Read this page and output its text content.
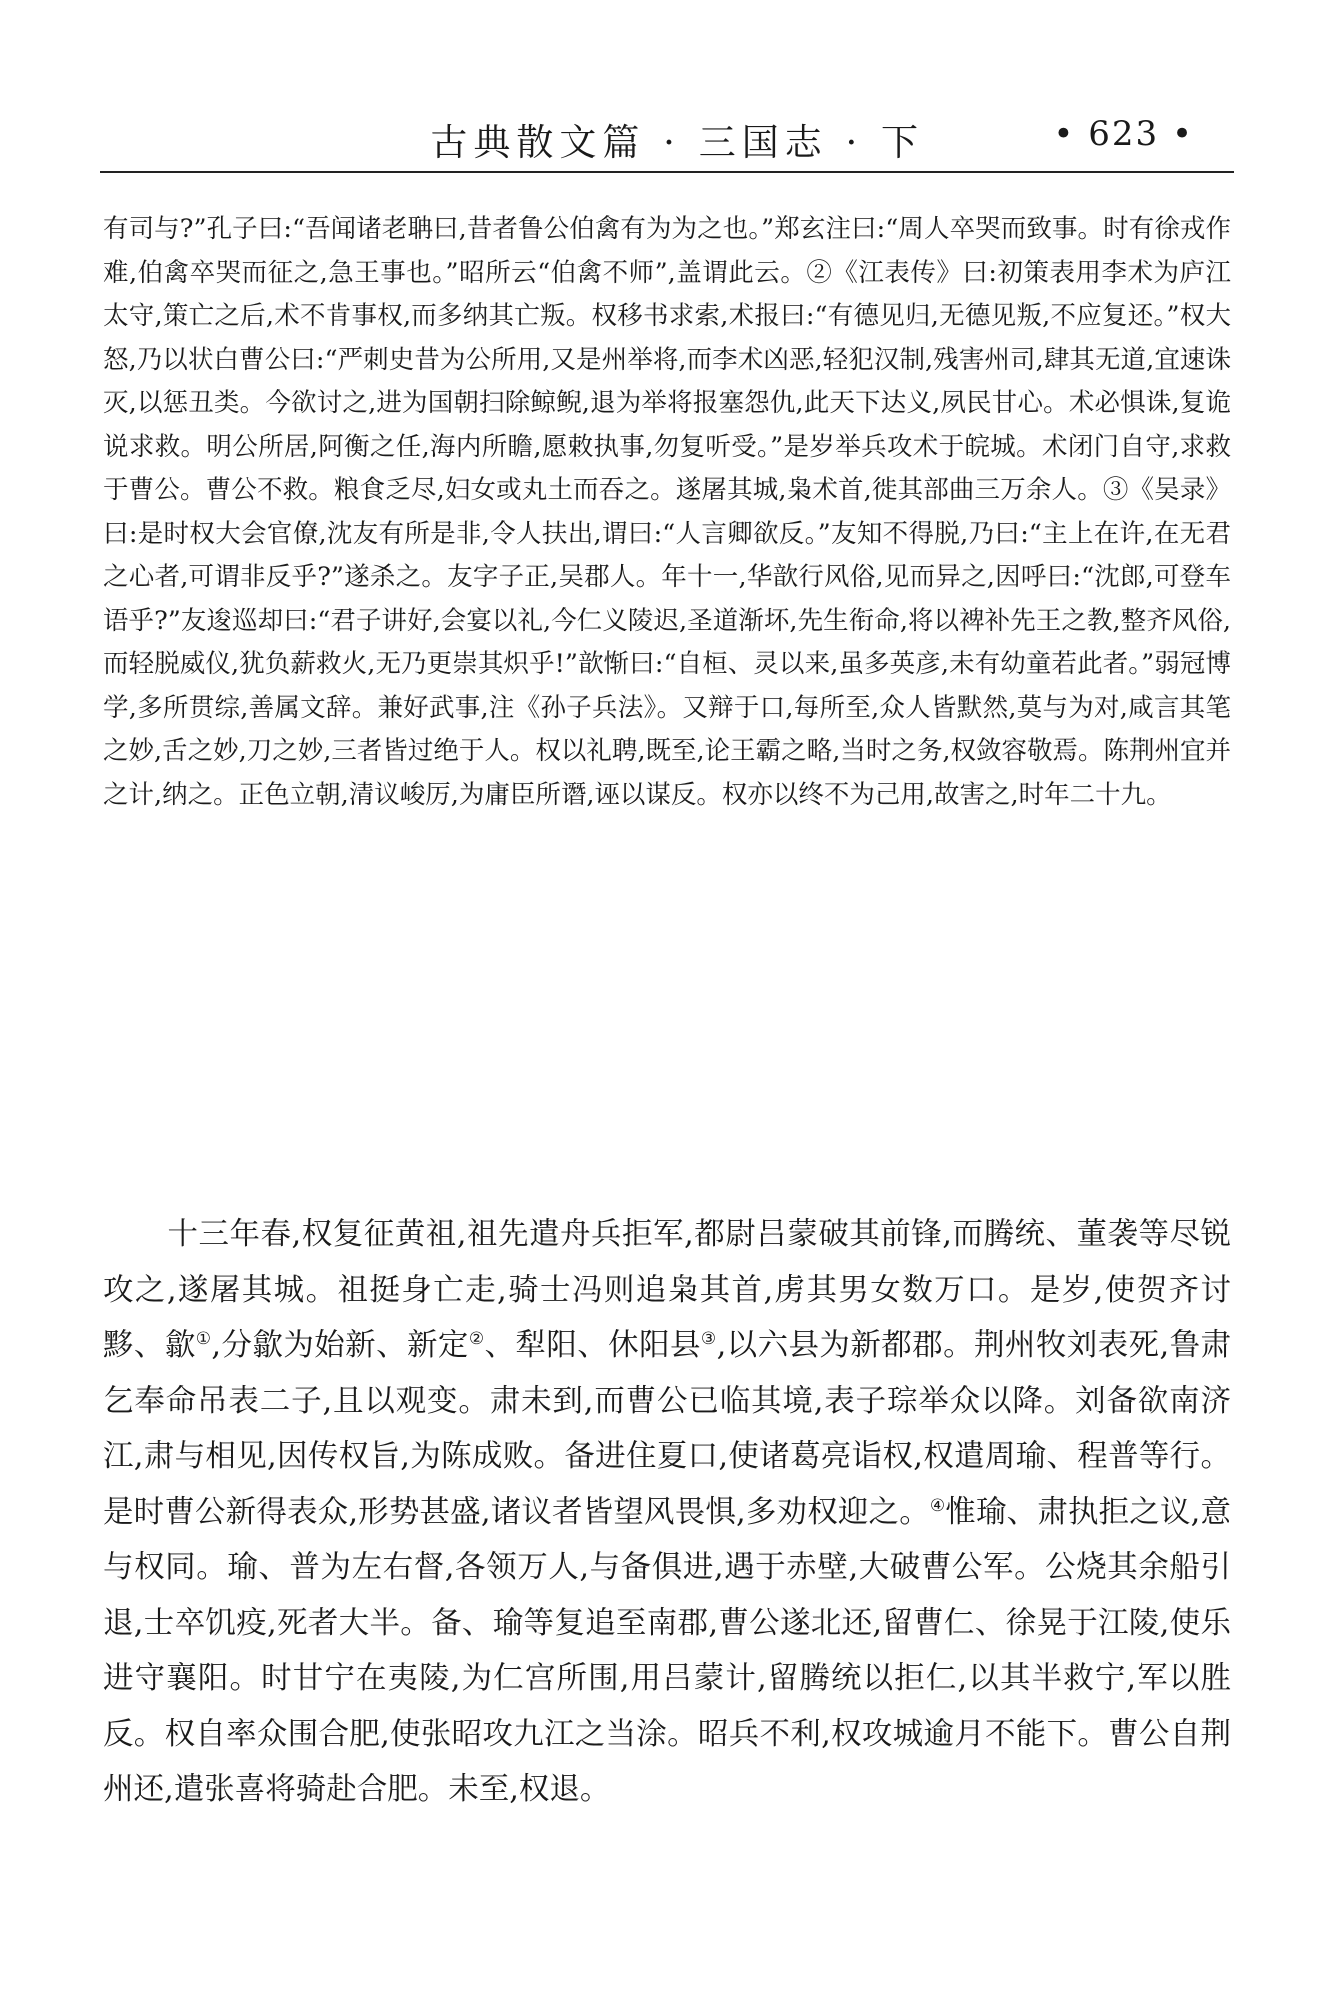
古典散文篇 · 三国志 · 下	• 623 •
有司与?”孔子曰:“吾闻诸老聃曰,昔者鲁公伯禽有为为之也。”郑玄注曰:“周人卒哭而致事。时有徐戎作难,伯禽卒哭而征之,急王事也。”昭所云“伯禽不师”,盖谓此云。②《江表传》曰:初策表用李术为庐江太守,策亡之后,术不肯事权,而多纳其亡叛。权移书求索,术报曰:“有德见归,无德见叛,不应复还。”权大怒,乃以状白曹公曰:“严刺史昔为公所用,又是州举将,而李术凶恶,轻犯汉制,残害州司,肆其无道,宜速诛灭,以惩丑类。今欲讨之,进为国朝扫除鲸鲵,退为举将报塞怨仇,此天下达义,夙民甘心。术必惧诛,复诡说求救。明公所居,阿衡之任,海内所瞻,愿敕执事,勿复听受。”是岁举兵攻术于皖城。术闭门自守,求救于曹公。曹公不救。粮食乏尽,妇女或丸土而吞之。遂屠其城,枭术首,徙其部曲三万余人。③《吴录》曰:是时权大会官僚,沈友有所是非,令人扶出,谓曰:“人言卿欲反。”友知不得脱,乃曰:“主上在许,在无君之心者,可谓非反乎?”遂杀之。友字子正,吴郡人。年十一,华歆行风俗,见而异之,因呼曰:“沈郎,可登车语乎?”友逡巡却曰:“君子讲好,会宴以礼,今仁义陵迟,圣道渐坏,先生衔命,将以裨补先王之教,整齐风俗,而轻脱威仪,犹负薪救火,无乃更崇其炽乎!”歆惭曰:“自桓、灵以来,虽多英彦,未有幼童若此者。”弱冠博学,多所贯综,善属文辞。兼好武事,注《孙子兵法》。又辩于口,每所至,众人皆默然,莫与为对,咸言其笔之妙,舌之妙,刀之妙,三者皆过绝于人。权以礼聘,既至,论王霸之略,当时之务,权敛容敬焉。陈荆州宜并之计,纳之。正色立朝,清议峻厉,为庸臣所谮,诬以谋反。权亦以终不为己用,故害之,时年二十九。
十三年春,权复征黄祖,祖先遣舟兵拒军,都尉吕蒙破其前锋,而腾统、董袭等尽锐攻之,遂屠其城。祖挺身亡走,骑士冯则追枭其首,虏其男女数万口。是岁,使贺齐讨黟、歙①,分歙为始新、新定②、犁阳、休阳县③,以六县为新都郡。荆州牧刘表死,鲁肃乞奉命吊表二子,且以观变。肃未到,而曹公已临其境,表子琮举众以降。刘备欲南济江,肃与相见,因传权旨,为陈成败。备进住夏口,使诸葛亮诣权,权遣周瑜、程普等行。是时曹公新得表众,形势甚盛,诸议者皆望风畏惧,多劝权迎之。④惟瑜、肃执拒之议,意与权同。瑜、普为左右督,各领万人,与备俱进,遇于赤壁,大破曹公军。公烧其余船引退,士卒饥疫,死者大半。备、瑜等复追至南郡,曹公遂北还,留曹仁、徐晃于江陵,使乐进守襄阳。时甘宁在夷陵,为仁宫所围,用吕蒙计,留腾统以拒仁,以其半救宁,军以胜反。权自率众围合肥,使张昭攻九江之当涂。昭兵不利,权攻城逾月不能下。曹公自荆州还,遣张喜将骑赴合肥。未至,权退。
